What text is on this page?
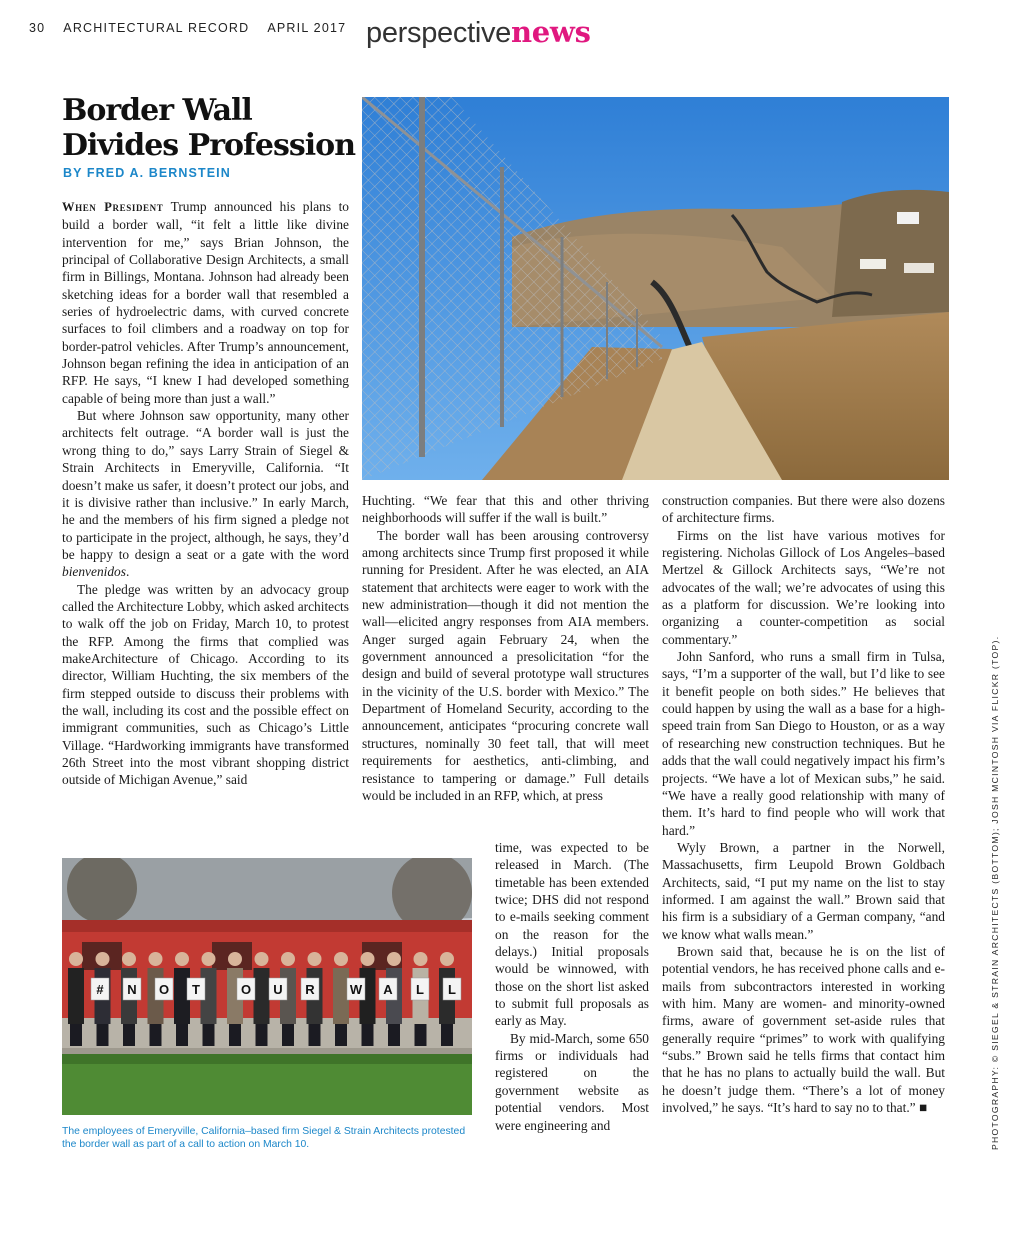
30 ARCHITECTURAL RECORD APRIL 2017 perspectivenews
Border Wall
Divides Profession
BY FRED A. BERNSTEIN

When President Trump announced his plans to build a border wall, “it felt a little like divine intervention for me,” says Brian Johnson, the principal of Collaborative Design Architects, a small firm in Billings, Montana. Johnson had already been sketching ideas for a border wall that resembled a series of hydroelectric dams, with curved concrete surfaces to foil climbers and a roadway on top for border-patrol vehicles. After Trump’s announcement, Johnson began refining the idea in anticipation of an RFP. He says, “I knew I had developed something capable of being more than just a wall.”

But where Johnson saw opportunity, many other architects felt outrage. “A border wall is just the wrong thing to do,” says Larry Strain of Siegel & Strain Architects in Emeryville, California. “It doesn’t make us safer, it doesn’t protect our jobs, and it is divisive rather than inclusive.” In early March, he and the members of his firm signed a pledge not to participate in the project, although, he says, they’d be happy to design a seat or a gate with the word bienvenidos.

The pledge was written by an advocacy group called the Architecture Lobby, which asked architects to walk off the job on Friday, March 10, to protest the RFP. Among the firms that complied was makeArchitecture of Chicago. According to its director, William Huchting, the six members of the firm stepped outside to discuss their problems with the wall, including its cost and the possible effect on immigrant communities, such as Chicago’s Little Village. “Hardworking immigrants have transformed 26th Street into the most vibrant shopping district outside of Michigan Avenue,” said

Huchting. “We fear that this and other thriving neighborhoods will suffer if the wall is built.”

The border wall has been arousing controversy among architects since Trump first proposed it while running for President. After he was elected, an AIA statement that architects were eager to work with the new administration—though it did not mention the wall—elicited angry responses from AIA members. Anger surged again February 24, when the government announced a presolicitation “for the design and build of several prototype wall structures in the vicinity of the U.S. border with Mexico.” The Department of Homeland Security, according to the announcement, anticipates “procuring concrete wall structures, nominally 30 feet tall, that will meet requirements for aesthetics, anti-climbing, and resistance to tampering or damage.” Full details would be included in an RFP, which, at press

time, was expected to be released in March. (The timetable has been extended twice; DHS did not respond to e-mails seeking comment on the reason for the delays.) Initial proposals would be winnowed, with those on the short list asked to submit full proposals as early as May.

By mid-March, some 650 firms or individuals had registered on the government website as potential vendors. Most were engineering and

construction companies. But there were also dozens of architecture firms.

Firms on the list have various motives for registering. Nicholas Gillock of Los Angeles–based Mertzel & Gillock Architects says, “We’re not advocates of the wall; we’re advocates of using this as a platform for discussion. We’re looking into organizing a counter-competition as social commentary.”

John Sanford, who runs a small firm in Tulsa, says, “I’m a supporter of the wall, but I’d like to see it benefit people on both sides.” He believes that could happen by using the wall as a base for a high-speed train from San Diego to Houston, or as a way of researching new construction techniques. But he adds that the wall could negatively impact his firm’s projects. “We have a lot of Mexican subs,” he said. “We have a really good relationship with many of them. It’s hard to find people who will work that hard.”

Wyly Brown, a partner in the Norwell, Massachusetts, firm Leupold Brown Goldbach Architects, said, “I put my name on the list to stay informed. I am against the wall.” Brown said that his firm is a subsidiary of a German company, “and we know what walls mean.”

Brown said that, because he is on the list of potential vendors, he has received phone calls and e-mails from subcontractors interested in working with him. Many are women- and minority-owned firms, aware of government set-aside rules that generally require “primes” to work with qualifying “subs.” Brown said he tells firms that contact him that he has no plans to actually build the wall. But he doesn’t judge them. “There’s a lot of money involved,” he says. “It’s hard to say no to that.” ■

# N O T	O U R	W A L L
The employees of Emeryville, California–based firm Siegel & Strain Architects protested the border wall as part of a call to action on March 10.	PHOTOGRAPHY: © SIEGEL & STRAIN ARCHITECTS (BOTTOM); JOSH MCINTOSH VIA FLICKR (TOP).
